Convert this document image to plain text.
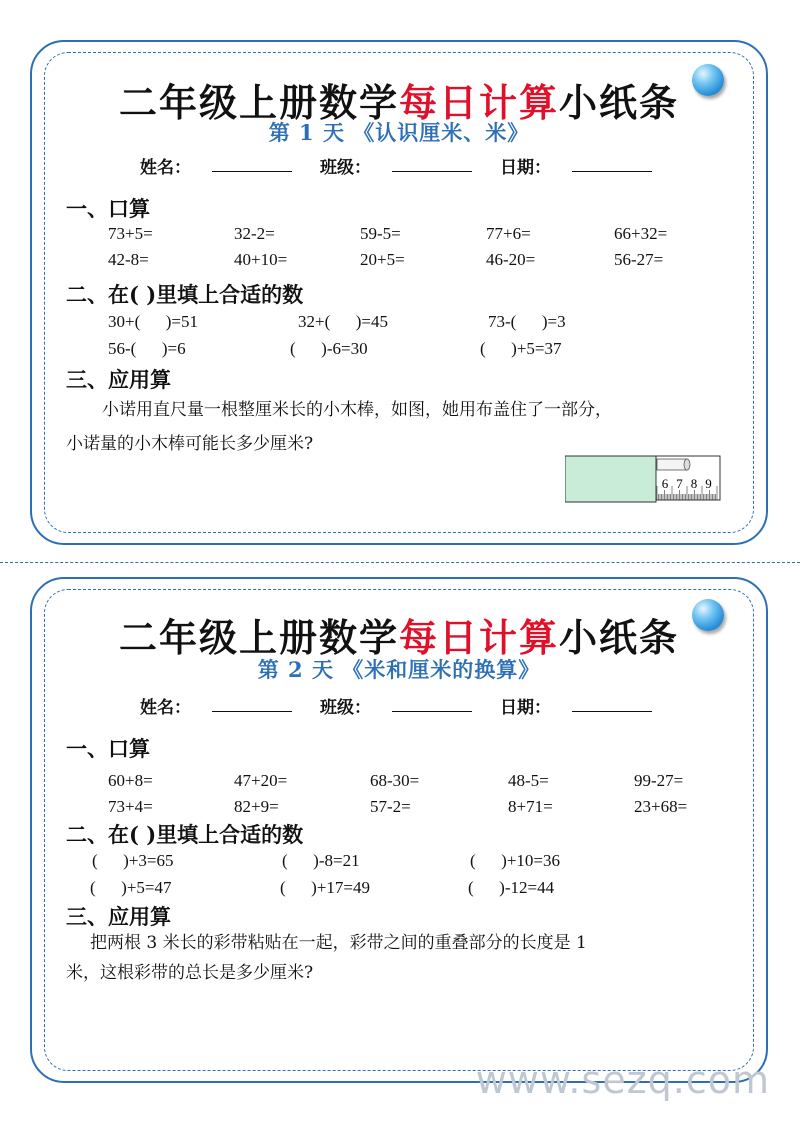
二年级上册数学每日计算小纸条
第 1 天 《认识厘米、米》
姓名：	班级：	日期：
一、口算
73+5=	32-2=	59-5=	77+6=	66+32=
42-8=	40+10=	20+5=	46-20=	56-27=
二、在( )里填上合适的数
30+(      )=51	32+(      )=45	73-(      )=3
56-(      )=6	(      )-6=30	(      )+5=37
三、应用算
小诺用直尺量一根整厘米长的小木棒，如图，她用布盖住了一部分，
小诺量的小木棒可能长多少厘米?
6 7 8 9
二年级上册数学每日计算小纸条
第 2 天 《米和厘米的换算》
姓名：	班级：	日期：
一、口算
60+8=	47+20=	68-30=	48-5=	99-27=
73+4=	82+9=	57-2=	8+71=	23+68=
二、在( )里填上合适的数
(      )+3=65	(      )-8=21	(      )+10=36
(      )+5=47	(      )+17=49	(      )-12=44
三、应用算
把两根 3 米长的彩带粘贴在一起，彩带之间的重叠部分的长度是 1
米，这根彩带的总长是多少厘米?
www.sezq.com
